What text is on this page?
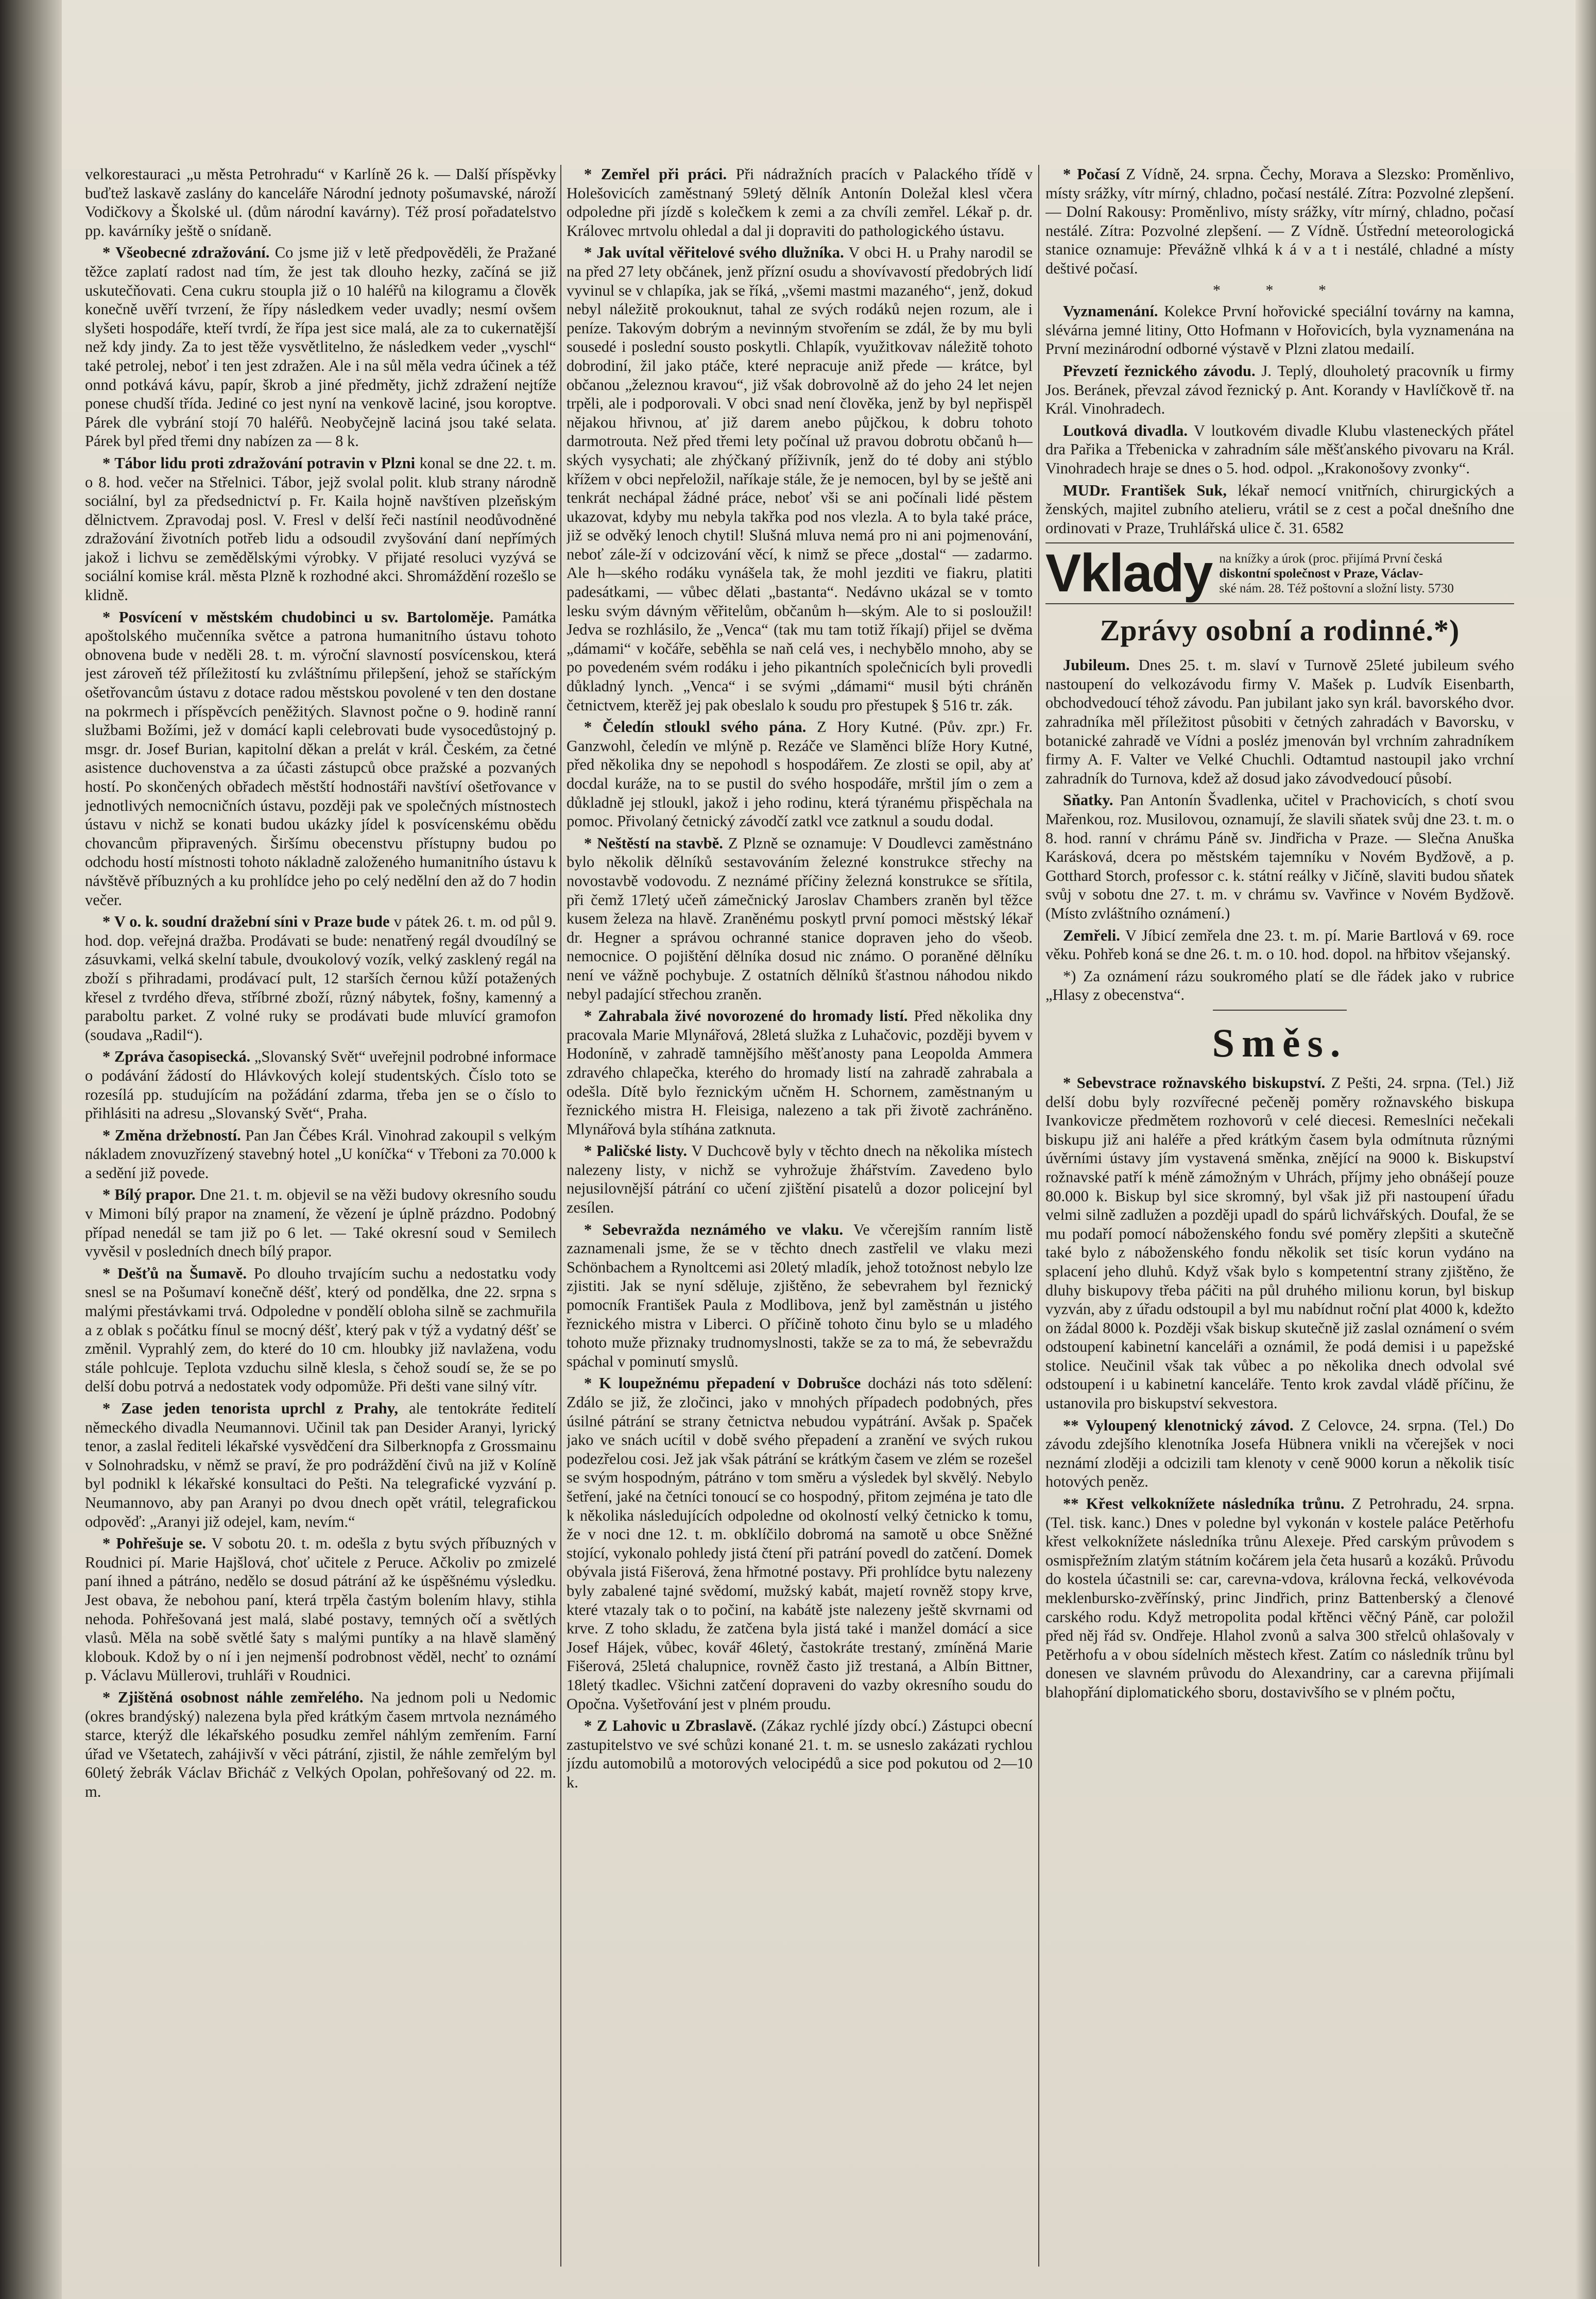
velkorestauraci „u města Petrohradu“ v Karlíně 26 k. — Další příspěvky buďtež laskavě zaslány do kanceláře Národní jednoty pošumavské, nároží Vodičkovy a Školské ul. (dům národní kavárny). Též prosí pořadatelstvo pp. kavárníky ještě o snídaně.

* Všeobecné zdražování. Co jsme již v letě předpověděli, že Pražané těžce zaplatí radost nad tím, že jest tak dlouho hezky, začíná se již uskutečňovati. Cena cukru stoupla již o 10 haléřů na kilogramu a člověk konečně uvěří tvrzení, že řípy následkem veder uvadly; nesmí ovšem slyšeti hospodáře, kteří tvrdí, že řípa jest sice malá, ale za to cukernatější než kdy jindy. Za to jest těže vysvětlitelno, že následkem veder „vyschl“ také petrolej, neboť i ten jest zdražen. Ale i na sůl měla vedra účinek a též onnd potkává kávu, papír, škrob a jiné předměty, jichž zdražení nejtíže ponese chudší třída. Jediné co jest nyní na venkově laciné, jsou koroptve. Párek dle vybrání stojí 70 haléřů. Neobyčejně laciná jsou také selata. Párek byl před třemi dny nabízen za — 8 k.

* Tábor lidu proti zdražování potravin v Plzni konal se dne 22. t. m. o 8. hod. večer na Střelnici. Tábor, jejž svolal polit. klub strany národně sociální, byl za předsednictví p. Fr. Kaila hojně navštíven plzeňským dělnictvem. Zpravodaj posl. V. Fresl v delší řeči nastínil neodůvodněné zdražování životních potřeb lidu a odsoudil zvyšování daní nepřímých jakož i lichvu se zemědělskými výrobky. V přijaté resoluci vyzývá se sociální komise král. města Plzně k rozhodné akci. Shromáždění rozešlo se klidně.

* Posvícení v městském chudobinci u sv. Bartoloměje. Památka apoštolského mučenníka světce a patrona humanitního ústavu tohoto obnovena bude v neděli 28. t. m. výroční slavností posvícenskou, která jest zároveň též příležitostí ku zvláštnímu přilepšení, jehož se staříckým ošetřovancům ústavu z dotace radou městskou povolené v ten den dostane na pokrmech i příspěvcích peněžitých. Slavnost počne o 9. hodině ranní službami Božími, jež v domácí kapli celebrovati bude vysocedůstojný p. msgr. dr. Josef Burian, kapitolní děkan a prelát v král. Českém, za četné asistence duchovenstva a za účasti zástupců obce pražské a pozvaných hostí. Po skončených obřadech městští hodnostáři navštíví ošetřovance v jednotlivých nemocničních ústavu, později pak ve společných místnostech ústavu v nichž se konati budou ukázky jídel k posvícenskému obědu chovancům připravených. Širšímu obecenstvu přístupny budou po odchodu hostí místnosti tohoto nákladně založeného humanitního ústavu k návštěvě příbuzných a ku prohlídce jeho po celý nedělní den až do 7 hodin večer.

* V o. k. soudní dražební síni v Praze bude v pátek 26. t. m. od půl 9. hod. dop. veřejná dražba. Prodávati se bude: nenatřený regál dvoudílný se zásuvkami, velká skelní tabule, dvoukolový vozík, velký zasklený regál na zboží s přihradami, prodávací pult, 12 starších černou kůží potažených křesel z tvrdého dřeva, stříbrné zboží, různý nábytek, fošny, kamenný a paraboltu parket. Z volné ruky se prodávati bude mluvící gramofon (soudava „Radil“).

* Zpráva časopisecká. „Slovanský Svět“ uveřejnil podrobné informace o podávání žádostí do Hlávkových kolejí studentských. Číslo toto se rozesílá pp. studujícím na požádání zdarma, třeba jen se o číslo to přihlásiti na adresu „Slovanský Svět“, Praha.

* Změna držebností. Pan Jan Čébes Král. Vinohrad zakoupil s velkým nákladem znovuzřízený stavebný hotel „U koníčka“ v Třeboni za 70.000 k a sedění již povede.

* Bílý prapor. Dne 21. t. m. objevil se na věži budovy okresního soudu v Mimoni bílý prapor na znamení, že vězení je úplně prázdno. Podobný případ nenedál se tam již po 6 let. — Také okresní soud v Semilech vyvěsil v posledních dnech bílý prapor.

* Dešťů na Šumavě. Po dlouho trvajícím suchu a nedostatku vody snesl se na Pošumaví konečně déšť, který od pondělka, dne 22. srpna s malými přestávkami trvá. Odpoledne v pondělí obloha silně se zachmuřila a z oblak s počátku fínul se mocný déšť, který pak v týž a vydatný déšť se změnil. Vyprahlý zem, do které do 10 cm. hloubky již navlažena, vodu stále pohlcuje. Teplota vzduchu silně klesla, s čehož soudí se, že se po delší dobu potrvá a nedostatek vody odpomůže. Při dešti vane silný vítr.

* Zase jeden tenorista uprchl z Prahy, ale tentokráte ředitelí německého divadla Neumannovi. Učinil tak pan Desider Aranyi, lyrický tenor, a zaslal řediteli lékařské vysvědčení dra Silberknopfa z Grossmainu v Solnohradsku, v němž se praví, že pro podráždění čivů na již v Kolíně byl podnikl k lékařské konsultaci do Pešti. Na telegrafické vyzvání p. Neumannovo, aby pan Aranyi po dvou dnech opět vrátil, telegrafickou odpověď: „Aranyi již odejel, kam, nevím.“

* Pohřešuje se. V sobotu 20. t. m. odešla z bytu svých příbuzných v Roudnici pí. Marie Hajšlová, choť učitele z Peruce. Ačkoliv po zmizelé paní ihned a pátráno, nedělo se dosud pátrání až ke úspěšnému výsledku. Jest obava, že nebohou paní, která trpěla častým bolením hlavy, stihla nehoda. Pohřešovaná jest malá, slabé postavy, temných očí a světlých vlasů. Měla na sobě světlé šaty s malými puntíky a na hlavě slaměný klobouk. Kdož by o ní i jen nejmenší podrobnost věděl, nechť to oznámí p. Václavu Müllerovi, truhláři v Roudnici.

* Zjištěná osobnost náhle zemřelého. Na jednom poli u Nedomic (okres brandýský) nalezena byla před krátkým časem mrtvola neznámého starce, kterýž dle lékařského posudku zemřel náhlým zemřením. Farní úřad ve Všetatech, zahájivší v věci pátrání, zjistil, že náhle zemřelým byl 60letý žebrák Václav Břicháč z Velkých Opolan, pohřešovaný od 22. m. m.

* Zemřel při práci. Při nádražních pracích v Palackého třídě v Holešovicích zaměstnaný 59letý dělník Antonín Doležal klesl včera odpoledne při jízdě s kolečkem k zemi a za chvíli zemřel. Lékař p. dr. Královec mrtvolu ohledal a dal ji dopraviti do pathologického ústavu.

* Jak uvítal věřitelové svého dlužníka. V obci H. u Prahy narodil se na před 27 lety občánek, jenž přízní osudu a shovívavostí předobrých lidí vyvinul se v chlapíka, jak se říká, „všemi mastmi mazaného“, jenž, dokud nebyl náležitě prokouknut, tahal ze svých rodáků nejen rozum, ale i peníze. Takovým dobrým a nevinným stvořením se zdál, že by mu byli sousedé i poslední sousto poskytli. Chlapík, využitkovav náležitě tohoto dobrodiní, žil jako ptáče, které nepracuje aniž přede — krátce, byl občanou „železnou kravou“, již však dobrovolně až do jeho 24 let nejen trpěli, ale i podporovali. V obci snad není člověka, jenž by byl nepřispěl nějakou hřivnou, ať již darem anebo půjčkou, k dobru tohoto darmotrouta. Než před třemi lety počínal už pravou dobrotu občanů h—ských vysychati; ale zhýčkaný příživník, jenž do té doby ani stýblo křížem v obci nepřeložil, naříkaje stále, že je nemocen, byl by se ještě ani tenkrát nechápal žádné práce, neboť vši se ani počínali lidé pěstem ukazovat, kdyby mu nebyla takřka pod nos vlezla. A to byla také práce, již se odvěký lenoch chytil! Slušná mluva nemá pro ni ani pojmenování, neboť zále-ží v odcizování věcí, k nimž se přece „dostal“ — zadarmo. Ale h—ského rodáku vynášela tak, že mohl jezditi ve fiakru, platiti padesátkami, — vůbec dělati „bastanta“. Nedávno ukázal se v tomto lesku svým dávným věřitelům, občanům h—ským. Ale to si posloužil! Jedva se rozhlásilo, že „Venca“ (tak mu tam totiž říkají) přijel se dvěma „dámami“ v kočáře, seběhla se naň celá ves, i nechybělo mnoho, aby se po povedeném svém rodáku i jeho pikantních společnicích byli provedli důkladný lynch. „Venca“ i se svými „dámami“ musil býti chráněn četnictvem, kterěž jej pak obeslalo k soudu pro přestupek § 516 tr. zák.

* Čeledín stloukl svého pána. Z Hory Kutné. (Pův. zpr.) Fr. Ganzwohl, čeledín ve mlýně p. Rezáče ve Slaměnci blíže Hory Kutné, před několika dny se nepohodl s hospodářem. Ze zlosti se opil, aby ať docdal kuráže, na to se pustil do svého hospodáře, mrštil jím o zem a důkladně jej stloukl, jakož i jeho rodinu, která týranému přispěchala na pomoc. Přivolaný četnický závodčí zatkl vce zatknul a soudu dodal.

* Neštěstí na stavbě. Z Plzně se oznamuje: V Doudlevci zaměstnáno bylo několik dělníků sestavováním železné konstrukce střechy na novostavbě vodovodu. Z neznámé příčiny železná konstrukce se sřítila, při čemž 17letý učeň zámečnický Jaroslav Chambers zraněn byl těžce kusem železa na hlavě. Zraněnému poskytl první pomoci městský lékař dr. Hegner a správou ochranné stanice dopraven jeho do všeob. nemocnice. O pojištění dělníka dosud nic známo. O poraněné dělníku není ve vážně pochybuje. Z ostatních dělníků šťastnou náhodou nikdo nebyl padající střechou zraněn.

* Zahrabala živé novorozené do hromady listí. Před několika dny pracovala Marie Mlynářová, 28letá služka z Luhačovic, později byvem v Hodoníně, v zahradě tamnějšího měšťanosty pana Leopolda Ammera zdravého chlapečka, kterého do hromady listí na zahradě zahrabala a odešla. Dítě bylo řeznickým učněm H. Schornem, zaměstnaným u řeznického mistra H. Fleisiga, nalezeno a tak při životě zachráněno. Mlynářová byla stíhána zatknuta.

* Paličské listy. V Duchcově byly v těchto dnech na několika místech nalezeny listy, v nichž se vyhrožuje žhářstvím. Zavedeno bylo nejusilovnější pátrání co učení zjištění pisatelů a dozor policejní byl zesílen.

* Sebevražda neznámého ve vlaku. Ve včerejším ranním listě zaznamenali jsme, že se v těchto dnech zastřelil ve vlaku mezi Schönbachem a Rynoltcemi asi 20letý mladík, jehož totožnost nebylo lze zjistiti. Jak se nyní sděluje, zjištěno, že sebevrahem byl řeznický pomocník František Paula z Modlibova, jenž byl zaměstnán u jistého řeznického mistra v Liberci. O příčině tohoto činu bylo se u mladého tohoto muže přiznaky trudnomyslnosti, takže se za to má, že sebevraždu spáchal v pominutí smyslů.

* K loupežnému přepadení v Dobrušce docházi nás toto sdělení: Zdálo se již, že zločinci, jako v mnohých případech podobných, přes úsilné pátrání se strany četnictva nebudou vypátrání. Avšak p. Spaček jako ve snách ucítil v době svého přepadení a zranění ve svých rukou podezřelou cosi. Jež jak však pátrání se krátkým časem ve zlém se rozešel se svým hospodným, pátráno v tom směru a výsledek byl skvělý. Nebylo šetření, jaké na četníci tonoucí se co hospodný, přitom zejména je tato dle k několika následujících odpoledne od okolností velký četnicko k tomu, že v noci dne 12. t. m. obklíčilo dobromá na samotě u obce Sněžné stojící, vykonalo pohledy jistá čtení při patrání povedl do zatčení. Domek obývala jistá Fišerová, žena hřmotné postavy. Při prohlídce bytu nalezeny byly zabalené tajné svědomí, mužský kabát, majetí rovněž stopy krve, které vtazaly tak o to počiní, na kabátě jste nalezeny ještě skvrnami od krve. Z toho skladu, že zatčena byla jistá také i manžel domácí a sice Josef Hájek, vůbec, kovář 46letý, častokráte trestaný, zmíněná Marie Fišerová, 25letá chalupnice, rovněž často již trestaná, a Albín Bittner, 18letý tkadlec. Všichni zatčení dopraveni do vazby okresního soudu do Opočna. Vyšetřování jest v plném proudu.

* Z Lahovic u Zbraslavě. (Zákaz rychlé jízdy obcí.) Zástupci obecní zastupitelstvo ve své schůzi konané 21. t. m. se usneslo zakázati rychlou jízdu automobilů a motorových velocipédů a sice pod pokutou od 2—10 k.

* Počasí Z Vídně, 24. srpna. Čechy, Morava a Slezsko: Proměnlivo, místy srážky, vítr mírný, chladno, počasí nestálé. Zítra: Pozvolné zlepšení. — Dolní Rakousy: Proměnlivo, místy srážky, vítr mírný, chladno, počasí nestálé. Zítra: Pozvolné zlepšení. — Z Vídně. Ústřední meteorologická stanice oznamuje: Převážně vlhká k á v a t i nestálé, chladné a místy deštivé počasí.

* * *

Vyznamenání. Kolekce První hořovické speciální továrny na kamna, slévárna jemné litiny, Otto Hofmann v Hořovicích, byla vyznamenána na První mezinárodní odborné výstavě v Plzni zlatou medailí.

Převzetí řeznického závodu. J. Teplý, dlouholetý pracovník u firmy Jos. Beránek, převzal závod řeznický p. Ant. Korandy v Havlíčkově tř. na Král. Vinohradech.

Loutková divadla. V loutkovém divadle Klubu vlasteneckých přátel dra Pařika a Třebenicka v zahradním sále měšťanského pivovaru na Král. Vinohradech hraje se dnes o 5. hod. odpol. „Krakonošovy zvonky“.

MUDr. František Suk, lékař nemocí vnitřních, chirurgických a ženských, majitel zubního atelieru, vrátil se z cest a počal dnešního dne ordinovati v Praze, Truhlářská ulice č. 31. 6582

Vklady na knížky a úrok (proc. přijímá První česká
diskontní společnost v Praze, Václav-
ské nám. 28. Též poštovní a složní listy. 5730
Zprávy osobní a rodinné.*)

Jubileum. Dnes 25. t. m. slaví v Turnově 25leté jubileum svého nastoupení do velkozávodu firmy V. Mašek p. Ludvík Eisenbarth, obchodvedoucí téhož závodu. Pan jubilant jako syn král. bavorského dvor. zahradníka měl příležitost působiti v četných zahradách v Bavorsku, v botanické zahradě ve Vídni a posléz jmenován byl vrchním zahradníkem firmy A. F. Valter ve Velké Chuchli. Odtamtud nastoupil jako vrchní zahradník do Turnova, kdež až dosud jako závodvedoucí působí.

Sňatky. Pan Antonín Švadlenka, učitel v Prachovicích, s chotí svou Mařenkou, roz. Musilovou, oznamují, že slavili sňatek svůj dne 23. t. m. o 8. hod. ranní v chrámu Páně sv. Jindřicha v Praze. — Slečna Anuška Karásková, dcera po městském tajemníku v Novém Bydžově, a p. Gotthard Storch, professor c. k. státní reálky v Jičíně, slaviti budou sňatek svůj v sobotu dne 27. t. m. v chrámu sv. Vavřince v Novém Bydžově. (Místo zvláštního oznámení.)

Zemřeli. V Jíbicí zemřela dne 23. t. m. pí. Marie Bartlová v 69. roce věku. Pohřeb koná se dne 26. t. m. o 10. hod. dopol. na hřbitov všejanský.

*) Za oznámení rázu soukromého platí se dle řádek jako v rubrice „Hlasy z obecenstva“.

Směs.

* Sebevstrace rožnavského biskupství. Z Pešti, 24. srpna. (Tel.) Již delší dobu byly rozvířecné pečeněj poměry rožnavského biskupa Ivankovicze předmětem rozhovorů v celé diecesi. Remeslníci nečekali biskupu již ani haléře a před krátkým časem byla odmítnuta různými úvěrními ústavy jím vystavená směnka, znějící na 9000 k. Biskupství rožnavské patří k méně zámožným v Uhrách, příjmy jeho obnášejí pouze 80.000 k. Biskup byl sice skromný, byl však již při nastoupení úřadu velmi silně zadlužen a později upadl do spárů lichvářských. Doufal, že se mu podaří pomocí náboženského fondu své poměry zlepšiti a skutečně také bylo z náboženského fondu několik set tisíc korun vydáno na splacení jeho dluhů. Když však bylo s kompetentní strany zjištěno, že dluhy biskupovy třeba páčiti na půl druhého milionu korun, byl biskup vyzván, aby z úřadu odstoupil a byl mu nabídnut roční plat 4000 k, kdežto on žádal 8000 k. Později však biskup skutečně již zaslal oznámení o svém odstoupení kabinetní kanceláři a oznámil, že podá demisi i u papežské stolice. Neučinil však tak vůbec a po několika dnech odvolal své odstoupení i u kabinetní kanceláře. Tento krok zavdal vládě příčinu, že ustanovila pro biskupství sekvestora.

** Vyloupený klenotnický závod. Z Celovce, 24. srpna. (Tel.) Do závodu zdejšího klenotníka Josefa Hübnera vnikli na včerejšek v noci neznámí zloději a odcizili tam klenoty v ceně 9000 korun a několik tisíc hotových peněz.

** Křest velkoknížete následníka trůnu. Z Petrohradu, 24. srpna. (Tel. tisk. kanc.) Dnes v poledne byl vykonán v kostele paláce Petěrhofu křest velkoknížete následníka trůnu Alexeje. Před carským průvodem s osmispřežním zlatým státním kočárem jela četa husarů a kozáků. Průvodu do kostela účastnili se: car, carevna-vdova, královna řecká, velkovévoda meklenbursko-zvěřínský, princ Jindřich, prinz Battenberský a členové carského rodu. Když metropolita podal křtěnci věčný Páně, car položil před něj řád sv. Ondřeje. Hlahol zvonů a salva 300 střelců ohlašovaly v Petěrhofu a v obou sídelních městech křest. Zatím co následník trůnu byl donesen ve slavném průvodu do Alexandriny, car a carevna přijímali blahopřání diplomatického sboru, dostavivšího se v plném počtu,
